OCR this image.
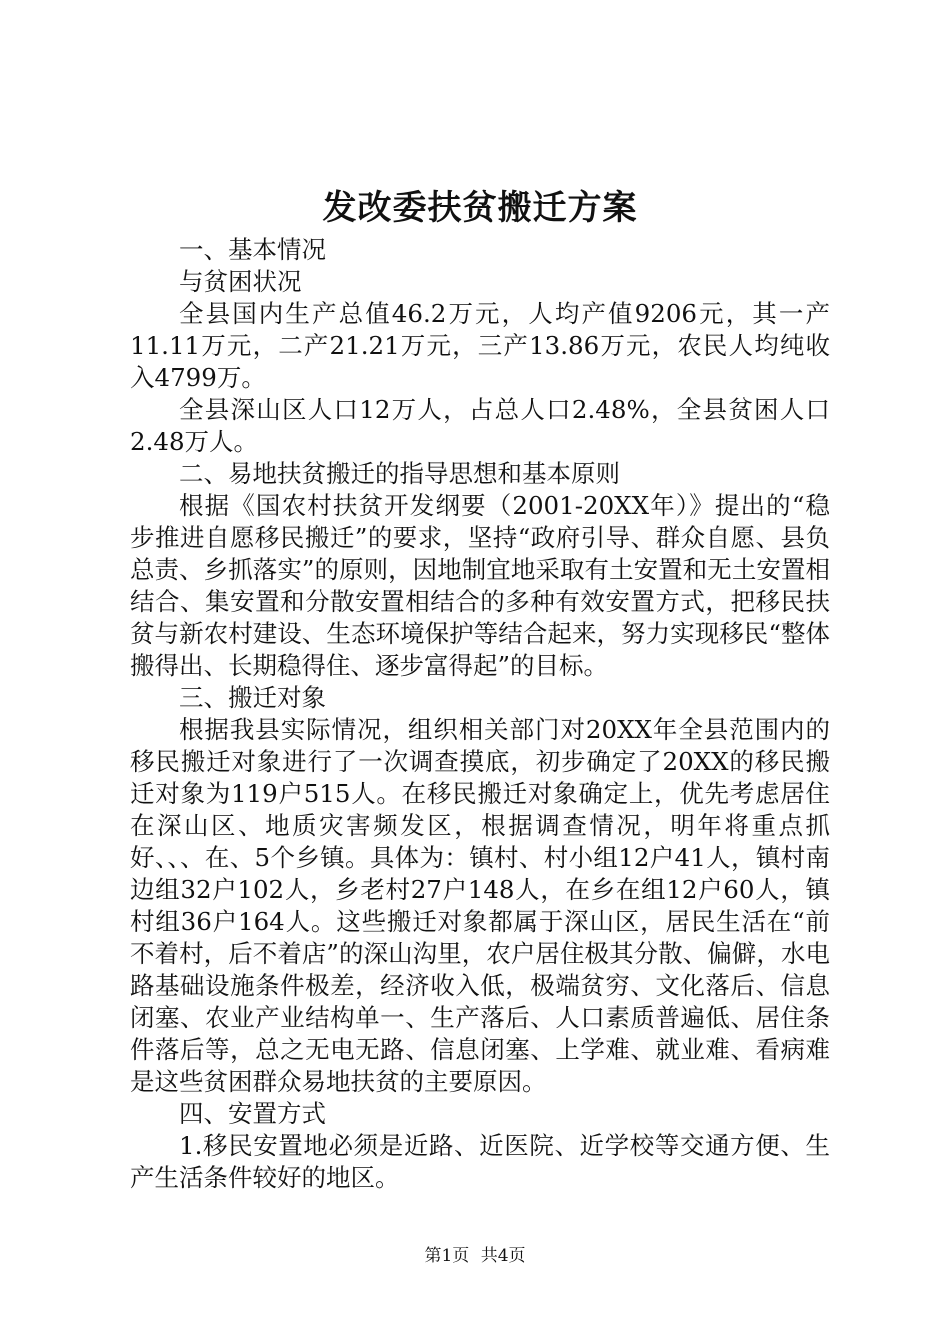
发改委扶贫搬迁方案

一、基本情况

与贫困状况

全县国内生产总值46.2万元，人均产值9206元，其一产11.11万元，二产21.21万元，三产13.86万元，农民人均纯收入4799万。

全县深山区人口12万人，占总人口2.48%，全县贫困人口2.48万人。

二、易地扶贫搬迁的指导思想和基本原则

根据《国农村扶贫开发纲要（2001-20XX年）》提出的“稳步推进自愿移民搬迁”的要求，坚持“政府引导、群众自愿、县负总责、乡抓落实”的原则，因地制宜地采取有土安置和无土安置相结合、集安置和分散安置相结合的多种有效安置方式，把移民扶贫与新农村建设、生态环境保护等结合起来，努力实现移民“整体搬得出、长期稳得住、逐步富得起”的目标。

三、搬迁对象

根据我县实际情况，组织相关部门对20XX年全县范围内的移民搬迁对象进行了一次调查摸底，初步确定了20XX的移民搬迁对象为119户515人。在移民搬迁对象确定上，优先考虑居住在深山区、地质灾害频发区，根据调查情况，明年将重点抓好、、、在、5个乡镇。具体为：镇村、村小组12户41人，镇村南边组32户102人，乡老村27户148人，在乡在组12户60人，镇村组36户164人。这些搬迁对象都属于深山区，居民生活在“前不着村，后不着店”的深山沟里，农户居住极其分散、偏僻，水电路基础设施条件极差，经济收入低，极端贫穷、文化落后、信息闭塞、农业产业结构单一、生产落后、人口素质普遍低、居住条件落后等，总之无电无路、信息闭塞、上学难、就业难、看病难是这些贫困群众易地扶贫的主要原因。

四、安置方式

1.移民安置地必须是近路、近医院、近学校等交通方便、生产生活条件较好的地区。

第1页 共4页
